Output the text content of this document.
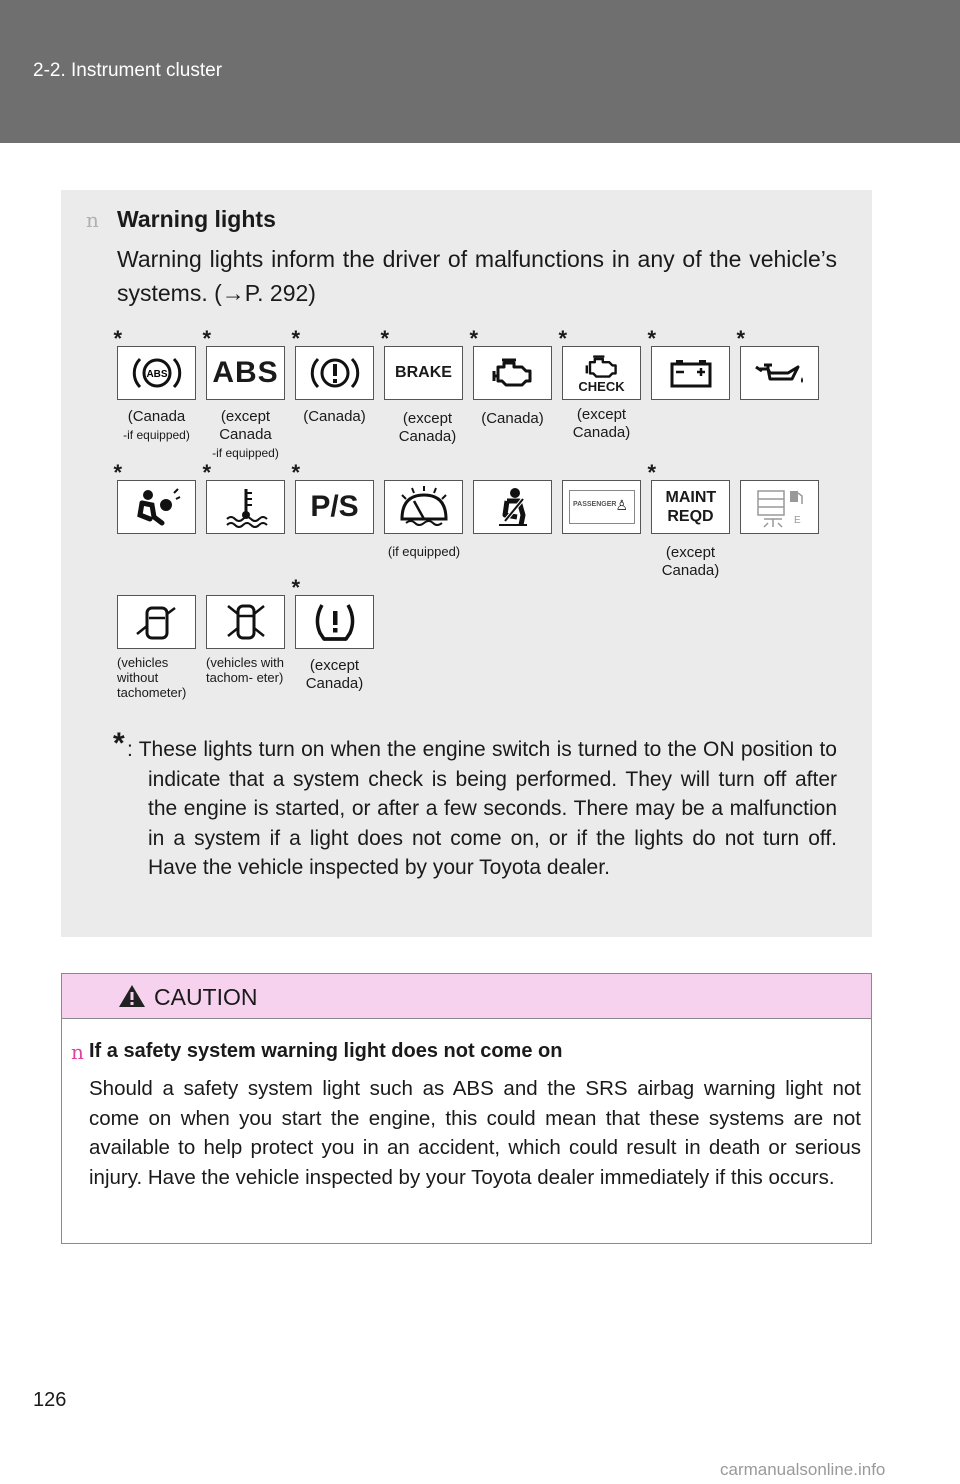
2-2. Instrument cluster
n Warning lights
Warning lights inform the driver of malfunctions in any of the vehicle’s systems. (→P. 292)
ABS
*
(Canada
-if equipped)
ABS
*
(except Canada
-if equipped)
*
(Canada)
BRAKE
*
(except Canada)
*
(Canada)
CHECK
*
(except Canada)
*	*
*	*
P/S
*
(if equipped)
PASSENGER ♙ MAINT REQD
*
(except Canada)
E
(vehicles without tachometer)
(vehicles with tachom- eter)
*
(except Canada)
* : These lights turn on when the engine switch is turned to the ON position to indicate that a system check is being performed. They will turn off after the engine is started, or after a few seconds. There may be a malfunction in a system if a light does not come on, or if the lights do not turn off. Have the vehicle inspected by your Toyota dealer.
CAUTION
n If a safety system warning light does not come on
Should a safety system light such as ABS and the SRS airbag warning light not come on when you start the engine, this could mean that these systems are not available to help protect you in an accident, which could result in death or serious injury. Have the vehicle inspected by your Toyota dealer immediately if this occurs.
126
carmanualsonline.info
